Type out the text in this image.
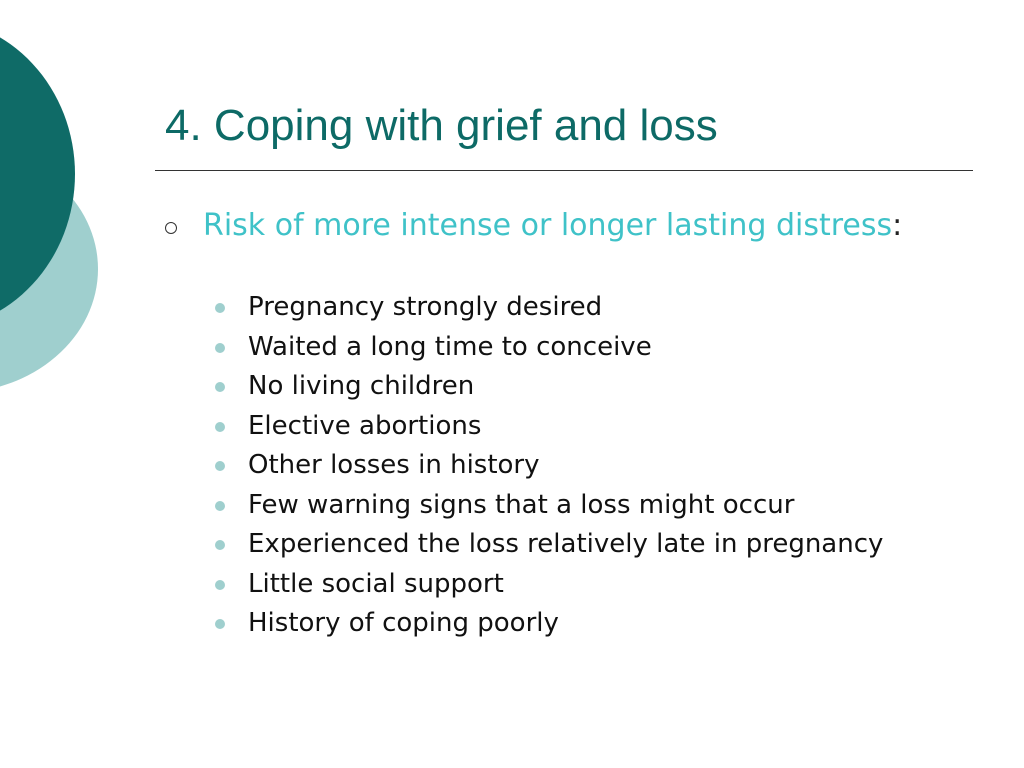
4. Coping with grief and loss

Risk of more intense or longer lasting distress:

Pregnancy strongly desired
Waited a long time to conceive
No living children
Elective abortions
Other losses in history
Few warning signs that a loss might occur
Experienced the loss relatively late in pregnancy
Little social support
History of coping poorly
